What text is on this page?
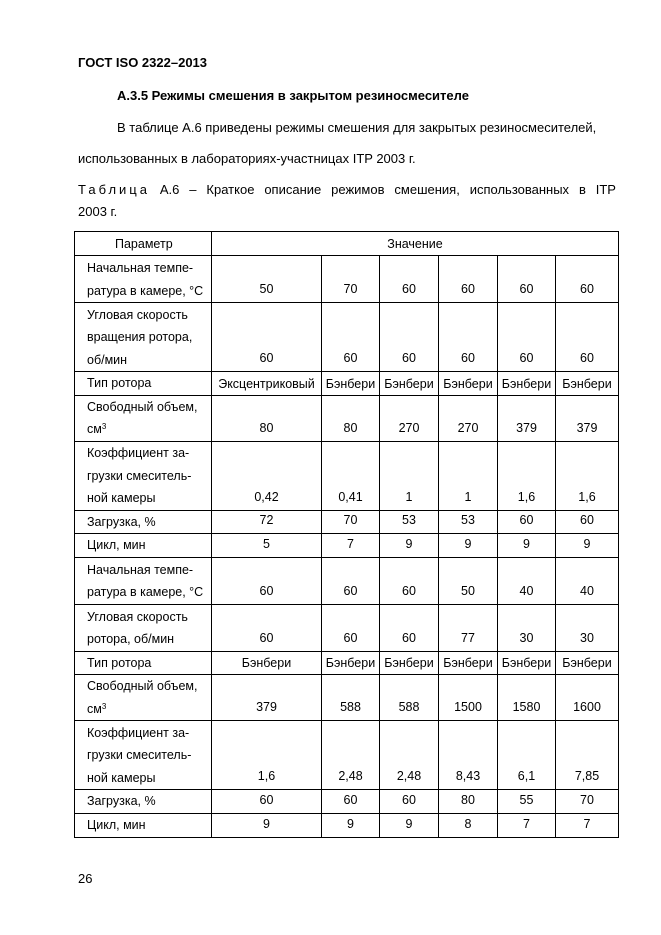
ГОСТ ISO 2322–2013
А.3.5 Режимы смешения в закрытом резиносмесителе
В таблице А.6 приведены режимы смешения для закрытых резиносмесителей,
использованных в лабораториях-участницах ITP 2003 г.
Таблица А.6 – Краткое описание режимов смешения, использованных в ITP
2003 г.
Параметр	Значение					
Начальная темпе-
ратура в камере, °С	50	70	60	60	60	60
Угловая скорость
вращения ротора,
об/мин	60	60	60	60	60	60
Тип ротора	Эксцентриковый	Бэнбери	Бэнбери	Бэнбери	Бэнбери	Бэнбери
Свободный объем,
$см^3$	80	80	270	270	379	379
Коэффициент за-
грузки смеситель-
ной камеры	0,42	0,41	1	1	1,6	1,6
Загрузка, %	72	70	53	53	60	60
Цикл, мин	5	7	9	9	9	9
Начальная темпе-
ратура в камере, °С	60	60	60	50	40	40
Угловая скорость
ротора, об/мин	60	60	60	77	30	30
Тип ротора	Бэнбери	Бэнбери	Бэнбери	Бэнбери	Бэнбери	Бэнбери
Свободный объем,
$см^3$	379	588	588	1500	1580	1600
Коэффициент за-
грузки смеситель-
ной камеры	1,6	2,48	2,48	8,43	6,1	7,85
Загрузка, %	60	60	60	80	55	70
Цикл, мин	9	9	9	8	7	7
26
